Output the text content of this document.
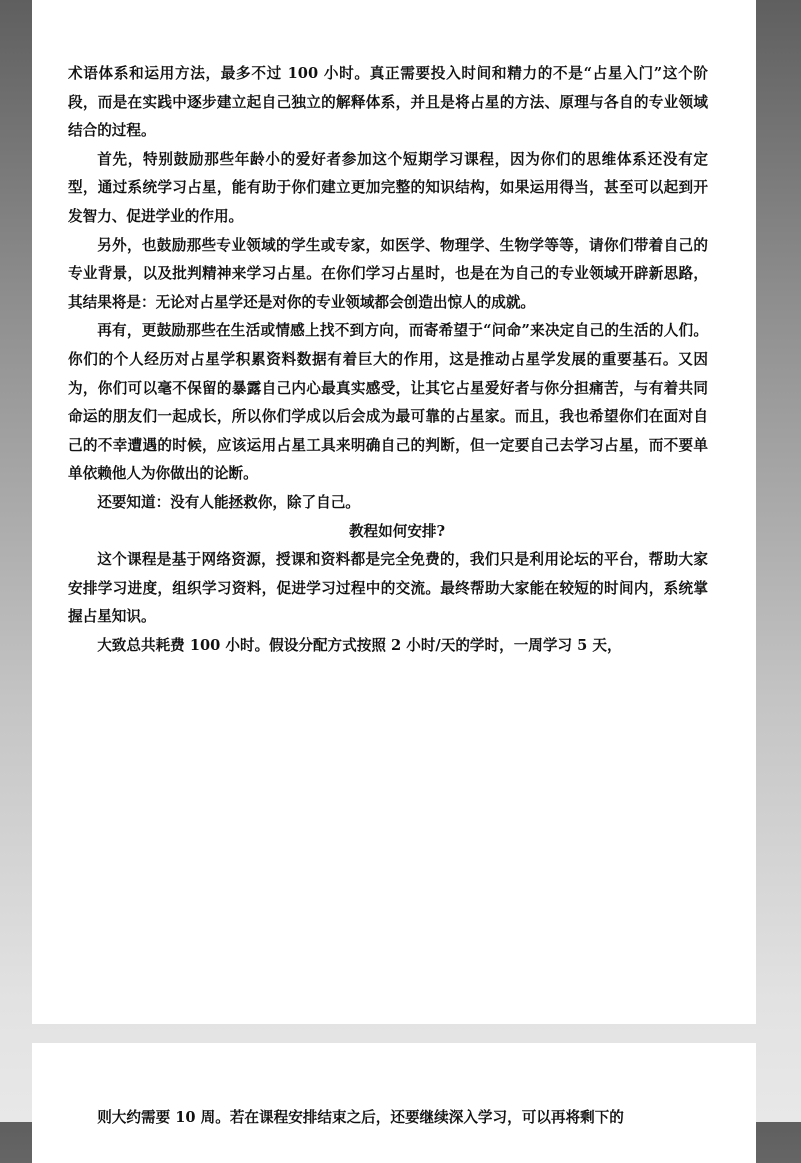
术语体系和运用方法，最多不过 100 小时。真正需要投入时间和精力的不是“占星入门”这个阶段，而是在实践中逐步建立起自己独立的解释体系，并且是将占星的方法、原理与各自的专业领域结合的过程。

首先，特别鼓励那些年龄小的爱好者参加这个短期学习课程，因为你们的思维体系还没有定型，通过系统学习占星，能有助于你们建立更加完整的知识结构，如果运用得当，甚至可以起到开发智力、促进学业的作用。

另外，也鼓励那些专业领域的学生或专家，如医学、物理学、生物学等等，请你们带着自己的专业背景，以及批判精神来学习占星。在你们学习占星时，也是在为自己的专业领域开辟新思路，其结果将是：无论对占星学还是对你的专业领域都会创造出惊人的成就。

再有，更鼓励那些在生活或情感上找不到方向，而寄希望于“问命”来决定自己的生活的人们。你们的个人经历对占星学积累资料数据有着巨大的作用，这是推动占星学发展的重要基石。又因为，你们可以毫不保留的暴露自己内心最真实感受，让其它占星爱好者与你分担痛苦，与有着共同命运的朋友们一起成长，所以你们学成以后会成为最可靠的占星家。而且，我也希望你们在面对自己的不幸遭遇的时候，应该运用占星工具来明确自己的判断，但一定要自己去学习占星，而不要单单依赖他人为你做出的论断。

还要知道：没有人能拯救你，除了自己。

教程如何安排?

这个课程是基于网络资源，授课和资料都是完全免费的，我们只是利用论坛的平台，帮助大家安排学习进度，组织学习资料，促进学习过程中的交流。最终帮助大家能在较短的时间内，系统掌握占星知识。

大致总共耗费 100 小时。假设分配方式按照 2 小时/天的学时，一周学习 5 天，

则大约需要 10 周。若在课程安排结束之后，还要继续深入学习，可以再将剩下的
